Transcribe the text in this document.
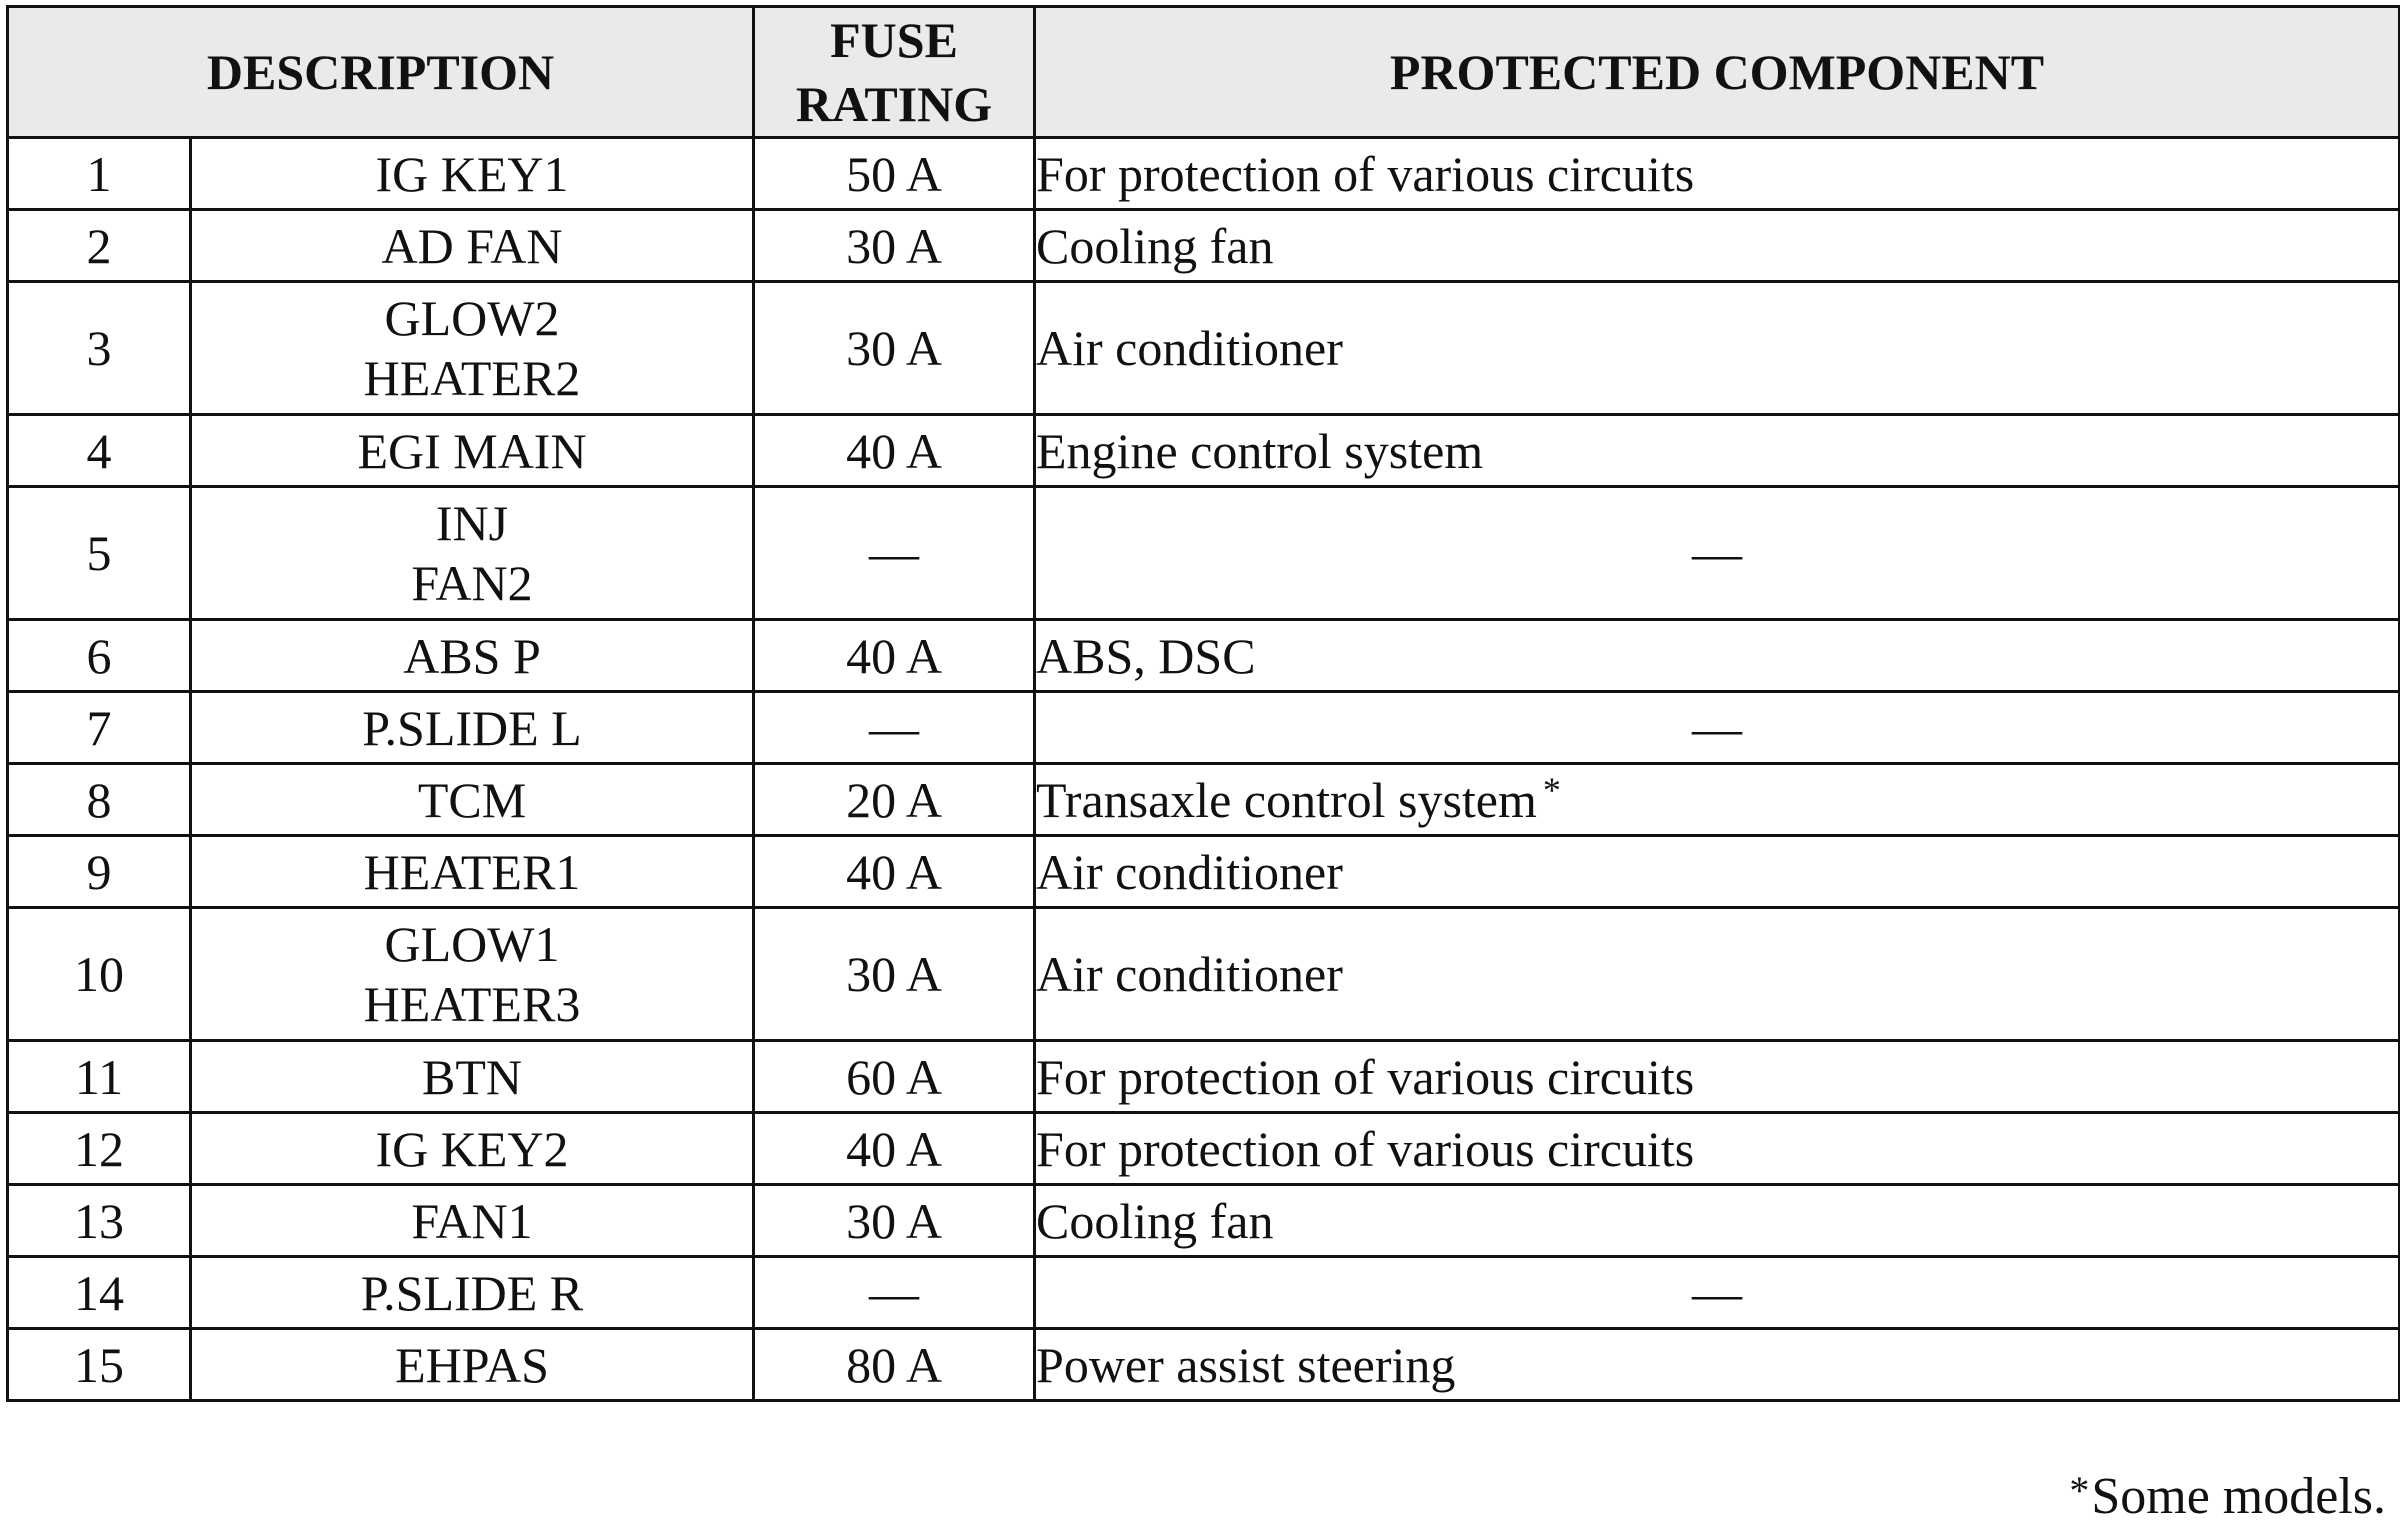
DESCRIPTION		FUSE
RATING	PROTECTED COMPONENT
1	IG KEY1	50 A	For protection of various circuits
2	AD FAN	30 A	Cooling fan
3	GLOW2
HEATER2	30 A	Air conditioner
4	EGI MAIN	40 A	Engine control system
5	INJ
FAN2	—	—
6	ABS P	40 A	ABS, DSC
7	P.SLIDE L	—	—
8	TCM	20 A	Transaxle control system *
9	HEATER1	40 A	Air conditioner
10	GLOW1
HEATER3	30 A	Air conditioner
11	BTN	60 A	For protection of various circuits
12	IG KEY2	40 A	For protection of various circuits
13	FAN1	30 A	Cooling fan
14	P.SLIDE R	—	—
15	EHPAS	80 A	Power assist steering
*Some models.
